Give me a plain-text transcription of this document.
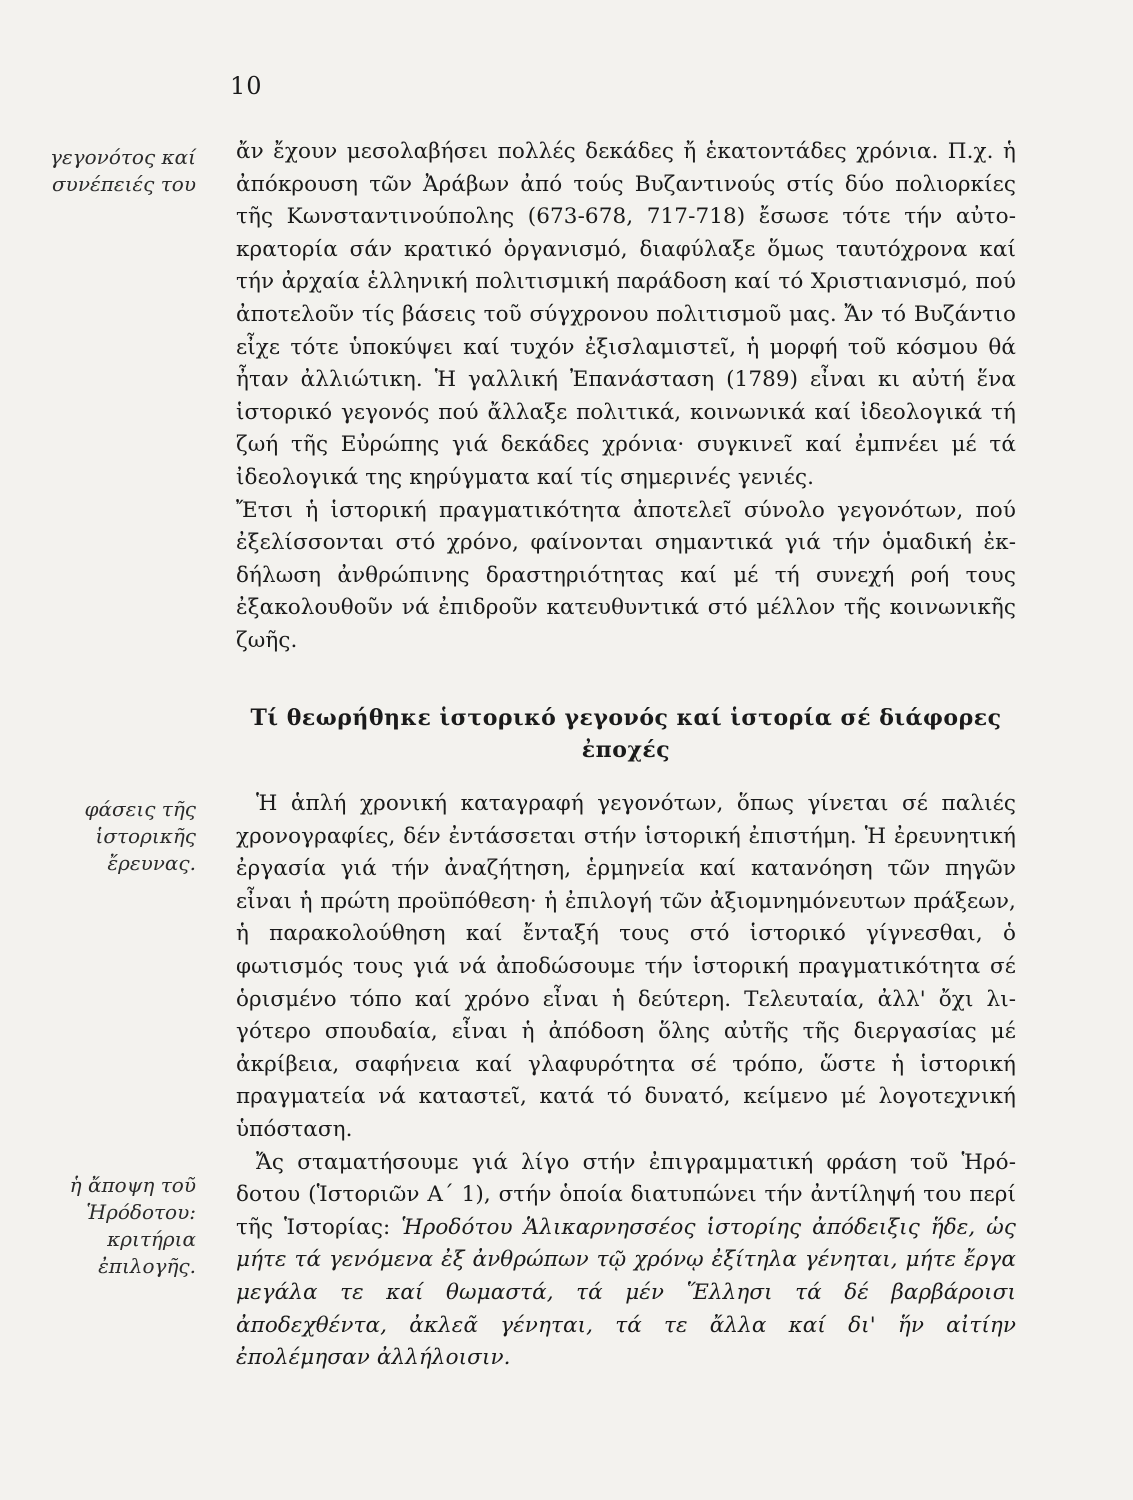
10
γεγονότος καί συνέπειές του
φάσεις τῆς ἱστορικῆς ἔρευνας.
ἡ ἄποψη τοῦ Ἡρόδοτου: κριτήρια ἐπιλογῆς.

ἄν ἔχουν μεσολαβήσει πολλές δεκάδες ἤ ἑκατοντάδες χρόνια. Π.χ. ἡ ἀπόκρουση τῶν Ἀράβων ἀπό τούς Βυζαντινούς στίς δύο πολιορκίες τῆς Κωνσταντινούπολης (673-678, 717-718) ἔσωσε τότε τήν αὐτοκρατορία σάν κρατικό ὀργανισμό, διαφύλαξε ὅμως ταυτόχρονα καί τήν ἀρχαία ἑλληνική πολιτισμική παράδοση καί τό Χριστιανισμό, πού ἀποτελοῦν τίς βάσεις τοῦ σύγχρονου πολιτισμοῦ μας. Ἄν τό Βυζάντιο εἶχε τότε ὑποκύψει καί τυχόν ἐξισλαμιστεῖ, ἡ μορφή τοῦ κόσμου θά ἦταν ἀλλιώτικη. Ἡ γαλλική Ἐπανάσταση (1789) εἶναι κι αὐτή ἕνα ἱστορικό γεγονός πού ἄλλαξε πολιτικά, κοινωνικά καί ἰδεολογικά τή ζωή τῆς Εὐρώπης γιά δεκάδες χρόνια· συγκινεῖ καί ἐμπνέει μέ τά ἰδεολογικά της κηρύγματα καί τίς σημερινές γενιές.

Ἔτσι ἡ ἱστορική πραγματικότητα ἀποτελεῖ σύνολο γεγονότων, πού ἐξελίσσονται στό χρόνο, φαίνονται σημαντικά γιά τήν ὁμαδική ἐκδήλωση ἀνθρώπινης δραστηριότητας καί μέ τή συνεχή ροή τους ἐξακολουθοῦν νά ἐπιδροῦν κατευθυντικά στό μέλλον τῆς κοινωνικῆς ζωῆς.

Τί θεωρήθηκε ἱστορικό γεγονός καί ἱστορία σέ διάφορες ἐποχές

Ἡ ἁπλή χρονική καταγραφή γεγονότων, ὅπως γίνεται σέ παλιές χρονογραφίες, δέν ἐντάσσεται στήν ἱστορική ἐπιστήμη. Ἡ ἐρευνητική ἐργασία γιά τήν ἀναζήτηση, ἑρμηνεία καί κατανόηση τῶν πηγῶν εἶναι ἡ πρώτη προϋπόθεση· ἡ ἐπιλογή τῶν ἀξιομνημόνευτων πράξεων, ἡ παρακολούθηση καί ἔνταξή τους στό ἱστορικό γίγνεσθαι, ὁ φωτισμός τους γιά νά ἀποδώσουμε τήν ἱστορική πραγματικότητα σέ ὁρισμένο τόπο καί χρόνο εἶναι ἡ δεύτερη. Τελευταία, ἀλλ' ὄχι λιγότερο σπουδαία, εἶναι ἡ ἀπόδοση ὅλης αὐτῆς τῆς διεργασίας μέ ἀκρίβεια, σαφήνεια καί γλαφυρότητα σέ τρόπο, ὥστε ἡ ἱστορική πραγματεία νά καταστεῖ, κατά τό δυνατό, κείμενο μέ λογοτεχνική ὑπόσταση.

Ἄς σταματήσουμε γιά λίγο στήν ἐπιγραμματική φράση τοῦ Ἡρόδοτου (Ἱστοριῶν Α΄ 1), στήν ὁποία διατυπώνει τήν ἀντίληψή του περί τῆς Ἱστορίας: Ἡροδότου Ἁλικαρνησσέος ἱστορίης ἀπόδειξις ἥδε, ὡς μήτε τά γενόμενα ἐξ ἀνθρώπων τῷ χρόνῳ ἐξίτηλα γένηται, μήτε ἔργα μεγάλα τε καί θωμαστά, τά μέν Ἕλλησι τά δέ βαρβάροισι ἀποδεχθέντα, ἀκλεᾶ γένηται, τά τε ἄλλα καί δι' ἥν αἰτίην ἐπολέμησαν ἀλλήλοισιν.
